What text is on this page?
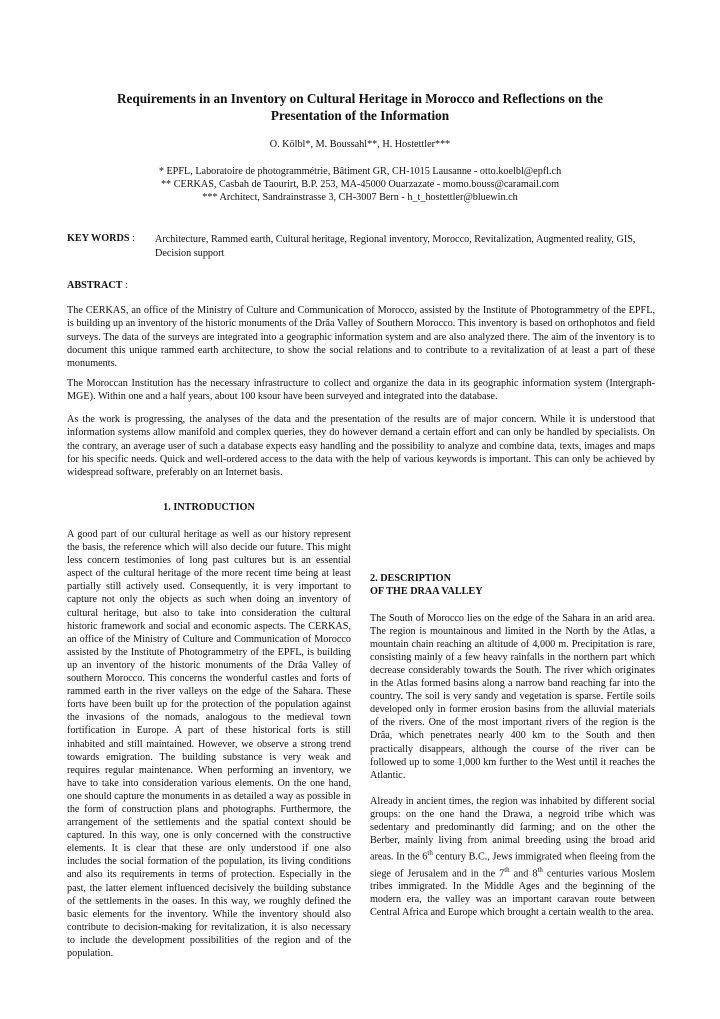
Requirements in an Inventory on Cultural Heritage in Morocco and Reflections on the
Presentation of the Information
O. Kölbl*, M. Boussahl**, H. Hostettler***
* EPFL, Laboratoire de photogrammétrie, Bâtiment GR, CH-1015 Lausanne - otto.koelbl@epfl.ch
** CERKAS, Casbah de Taourirt, B.P. 253, MA-45000 Ouarzazate - momo.bouss@caramail.com
*** Architect, Sandrainstrasse 3, CH-3007 Bern - h_t_hostettler@bluewin.ch
KEY WORDS : Architecture, Rammed earth, Cultural heritage, Regional inventory, Morocco, Revitalization, Augmented reality, GIS, Decision support
ABSTRACT :
The CERKAS, an office of the Ministry of Culture and Communication of Morocco, assisted by the Institute of Photogrammetry of the EPFL, is building up an inventory of the historic monuments of the Drâa Valley of Southern Morocco. This inventory is based on orthophotos and field surveys. The data of the surveys are integrated into a geographic information system and are also analyzed there. The aim of the inventory is to document this unique rammed earth architecture, to show the social relations and to contribute to a revitalization of at least a part of these monuments.
The Moroccan Institution has the necessary infrastructure to collect and organize the data in its geographic information system (Intergraph-MGE). Within one and a half years, about 100 ksour have been surveyed and integrated into the database.
As the work is progressing, the analyses of the data and the presentation of the results are of major concern. While it is understood that information systems allow manifold and complex queries, they do however demand a certain effort and can only be handled by specialists. On the contrary, an average user of such a database expects easy handling and the possibility to analyze and combine data, texts, images and maps for his specific needs. Quick and well-ordered access to the data with the help of various keywords is important. This can only be achieved by widespread software, preferably on an Internet basis.
1. INTRODUCTION

A good part of our cultural heritage as well as our history represent the basis, the reference which will also decide our future. This might less concern testimonies of long past cultures but is an essential aspect of the cultural heritage of the more recent time being at least partially still actively used. Consequently, it is very important to capture not only the objects as such when doing an inventory of cultural heritage, but also to take into consideration the cultural historic framework and social and economic aspects. The CERKAS, an office of the Ministry of Culture and Communication of Morocco assisted by the Institute of Photogrammetry of the EPFL, is building up an inventory of the historic monuments of the Drâa Valley of southern Morocco. This concerns the wonderful castles and forts of rammed earth in the river valleys on the edge of the Sahara. These forts have been built up for the protection of the population against the invasions of the nomads, analogous to the medieval town fortification in Europe. A part of these historical forts is still inhabited and still maintained. However, we observe a strong trend towards emigration. The building substance is very weak and requires regular maintenance. When performing an inventory, we have to take into consideration various elements. On the one hand, one should capture the monuments in as detailed a way as possible in the form of construction plans and photographs. Furthermore, the arrangement of the settlements and the spatial context should be captured. In this way, one is only concerned with the constructive elements. It is clear that these are only understood if one also includes the social formation of the population, its living conditions and also its requirements in terms of protection. Especially in the past, the latter element influenced decisively the building substance of the settlements in the oases. In this way, we roughly defined the basic elements for the inventory. While the inventory should also contribute to decision-making for revitalization, it is also necessary to include the development possibilities of the region and of the population.

2. DESCRIPTION
OF THE DRAA VALLEY

The South of Morocco lies on the edge of the Sahara in an arid area. The region is mountainous and limited in the North by the Atlas, a mountain chain reaching an altitude of 4,000 m. Precipitation is rare, consisting mainly of a few heavy rainfalls in the northern part which decrease considerably towards the South. The river which originates in the Atlas formed basins along a narrow band reaching far into the country. The soil is very sandy and vegetation is sparse. Fertile soils developed only in former erosion basins from the alluvial materials of the rivers. One of the most important rivers of the region is the Drâa, which penetrates nearly 400 km to the South and then practically disappears, although the course of the river can be followed up to some 1,000 km further to the West until it reaches the Atlantic.

Already in ancient times, the region was inhabited by different social groups: on the one hand the Drawa, a negroid tribe which was sedentary and predominantly did farming; and on the other the Berber, mainly living from animal breeding using the broad arid areas. In the 6th century B.C., Jews immigrated when fleeing from the siege of Jerusalem and in the 7th and 8th centuries various Moslem tribes immigrated. In the Middle Ages and the beginning of the modern era, the valley was an important caravan route between Central Africa and Europe which brought a certain wealth to the area.
